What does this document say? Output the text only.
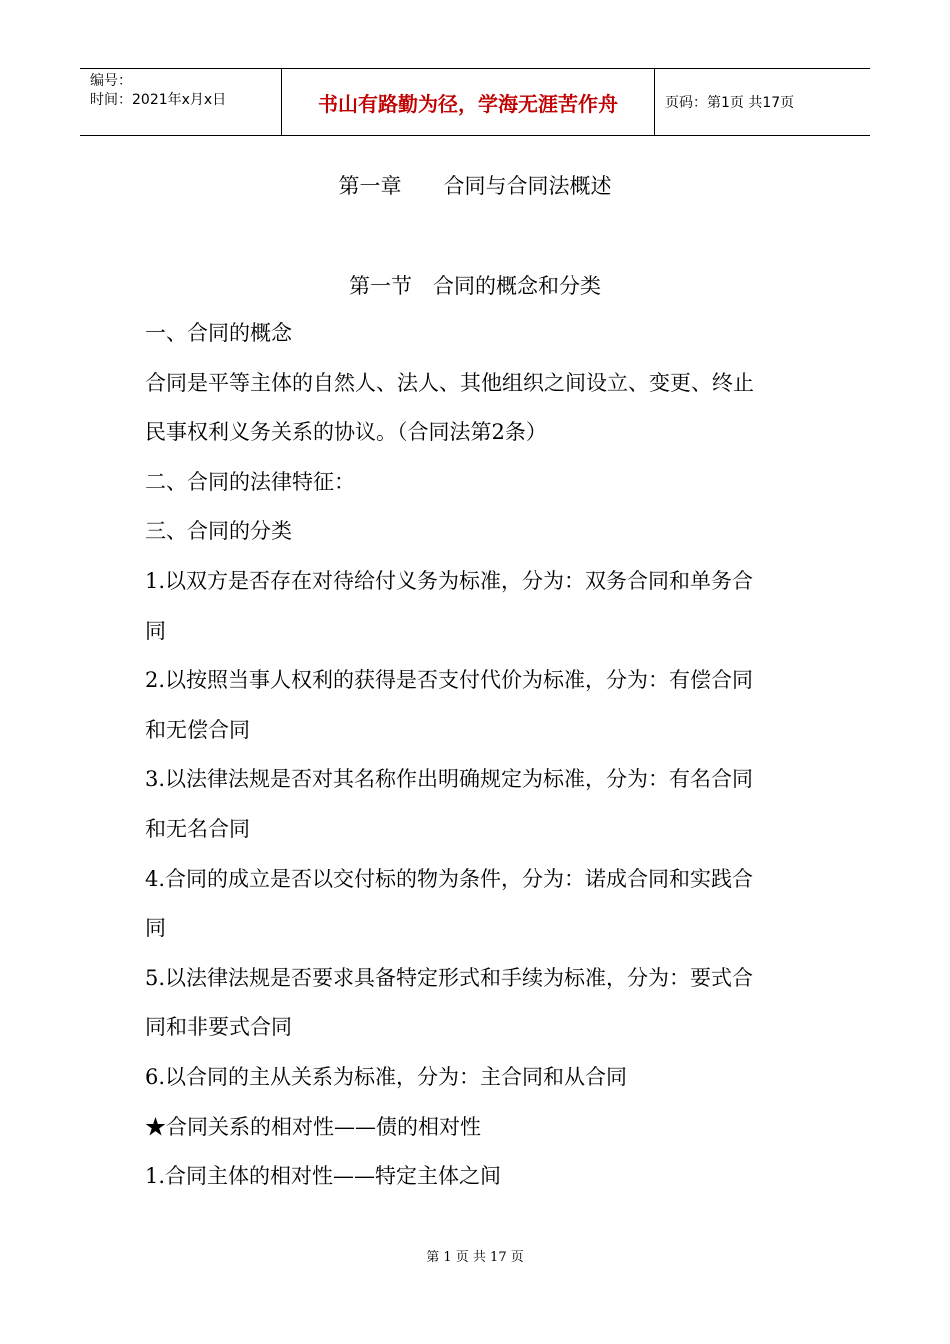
编号：
时间：2021年x月x日	书山有路勤为径，学海无涯苦作舟	页码：第1页 共17页
第一章　　合同与合同法概述
第一节　合同的概念和分类

一、合同的概念

合同是平等主体的自然人、法人、其他组织之间设立、变更、终止

民事权利义务关系的协议。（合同法第2条）

二、合同的法律特征：

三、合同的分类

1.以双方是否存在对待给付义务为标准，分为：双务合同和单务合

同

2.以按照当事人权利的获得是否支付代价为标准，分为：有偿合同

和无偿合同

3.以法律法规是否对其名称作出明确规定为标准，分为：有名合同

和无名合同

4.合同的成立是否以交付标的物为条件，分为：诺成合同和实践合

同

5.以法律法规是否要求具备特定形式和手续为标准，分为：要式合

同和非要式合同

6.以合同的主从关系为标准，分为：主合同和从合同

★合同关系的相对性——债的相对性

1.合同主体的相对性——特定主体之间

第 1 页 共 17 页
